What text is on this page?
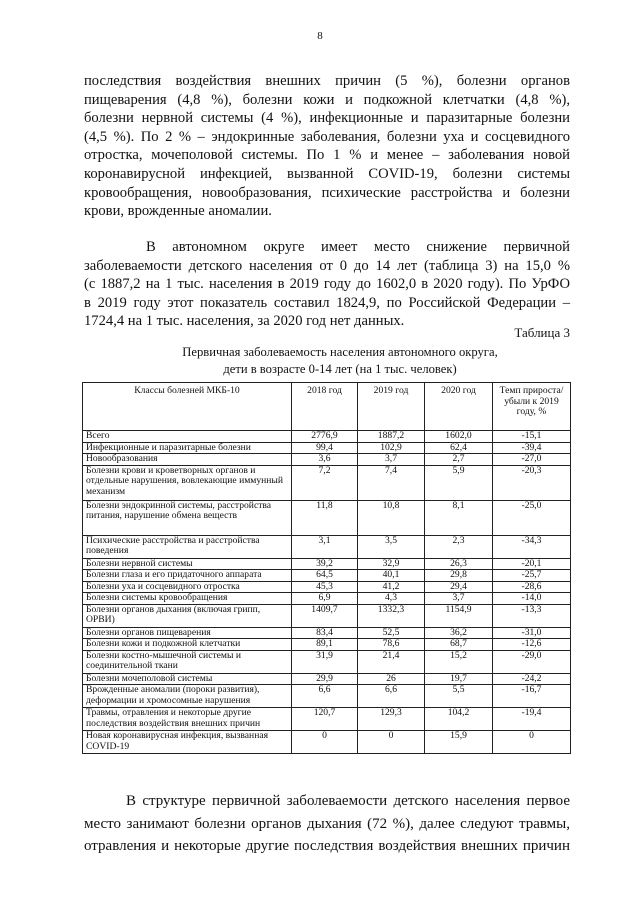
8
последствия воздействия внешних причин (5 %), болезни органов
пищеварения (4,8 %), болезни кожи и подкожной клетчатки (4,8 %),
болезни нервной системы (4 %), инфекционные и паразитарные болезни
(4,5 %). По 2 % – эндокринные заболевания, болезни уха и сосцевидного
отростка, мочеполовой системы. По 1 % и менее – заболевания новой
коронавирусной инфекцией, вызванной COVID-19, болезни системы
кровообращения, новообразования, психические расстройства и болезни
крови, врожденные аномалии.
В автономном округе имеет место снижение первичной
заболеваемости детского населения от 0 до 14 лет (таблица 3) на 15,0 %
(с 1887,2 на 1 тыс. населения в 2019 году до 1602,0 в 2020 году). По УрФО
в 2019 году этот показатель составил 1824,9, по Российской Федерации –
1724,4 на 1 тыс. населения, за 2020 год нет данных.
Таблица 3
Первичная заболеваемость населения автономного округа,
дети в возрасте 0-14 лет (на 1 тыс. человек)
Классы болезней МКБ-10	2018 год	2019 год	2020 год	Темп прироста/ убыли к 2019 году, %
Всего	2776,9	1887,2	1602,0	-15,1
Инфекционные и паразитарные болезни	99,4	102,9	62,4	-39,4
Новообразования	3,6	3,7	2,7	-27,0
Болезни крови и кроветворных органов и отдельные нарушения, вовлекающие иммунный механизм	7,2	7,4	5,9	-20,3
Болезни эндокринной системы, расстройства питания, нарушение обмена веществ	11,8	10,8	8,1	-25,0
Психические расстройства и расстройства поведения	3,1	3,5	2,3	-34,3
Болезни нервной системы	39,2	32,9	26,3	-20,1
Болезни глаза и его придаточного аппарата	64,5	40,1	29,8	-25,7
Болезни уха и сосцевидного отростка	45,3	41,2	29,4	-28,6
Болезни системы кровообращения	6,9	4,3	3,7	-14,0
Болезни органов дыхания (включая грипп, ОРВИ)	1409,7	1332,3	1154,9	-13,3
Болезни органов пищеварения	83,4	52,5	36,2	-31,0
Болезни кожи и подкожной клетчатки	89,1	78,6	68,7	-12,6
Болезни костно-мышечной системы и соединительной ткани	31,9	21,4	15,2	-29,0
Болезни мочеполовой системы	29,9	26	19,7	-24,2
Врожденные аномалии (пороки развития), деформации и хромосомные нарушения	6,6	6,6	5,5	-16,7
Травмы, отравления и некоторые другие последствия воздействия внешних причин	120,7	129,3	104,2	-19,4
Новая коронавирусная инфекция, вызванная COVID-19	0	0	15,9	0
В структуре первичной заболеваемости детского населения первое
место занимают болезни органов дыхания (72 %), далее следуют травмы,
отравления и некоторые другие последствия воздействия внешних причин
